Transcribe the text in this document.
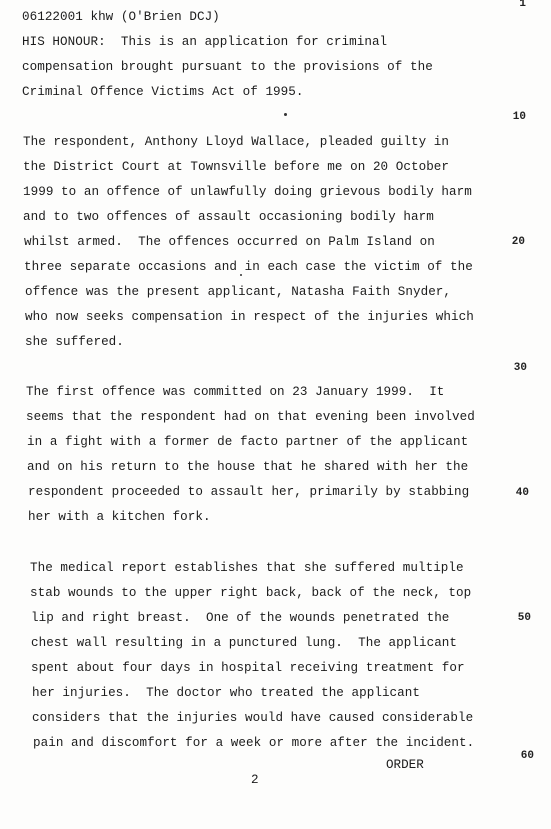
1
10
20
30
40
50
60
06122001 khw (O'Brien DCJ)
HIS HONOUR:  This is an application for criminal
compensation brought pursuant to the provisions of the
Criminal Offence Victims Act of 1995.
The respondent, Anthony Lloyd Wallace, pleaded guilty in
the District Court at Townsville before me on 20 October
1999 to an offence of unlawfully doing grievous bodily harm
and to two offences of assault occasioning bodily harm
whilst armed.  The offences occurred on Palm Island on
three separate occasions and in each case the victim of the
offence was the present applicant, Natasha Faith Snyder,
who now seeks compensation in respect of the injuries which
she suffered.
The first offence was committed on 23 January 1999.  It
seems that the respondent had on that evening been involved
in a fight with a former de facto partner of the applicant
and on his return to the house that he shared with her the
respondent proceeded to assault her, primarily by stabbing
her with a kitchen fork.
The medical report establishes that she suffered multiple
stab wounds to the upper right back, back of the neck, top
lip and right breast.  One of the wounds penetrated the
chest wall resulting in a punctured lung.  The applicant
spent about four days in hospital receiving treatment for
her injuries.  The doctor who treated the applicant
considers that the injuries would have caused considerable
pain and discomfort for a week or more after the incident.
ORDER
2
